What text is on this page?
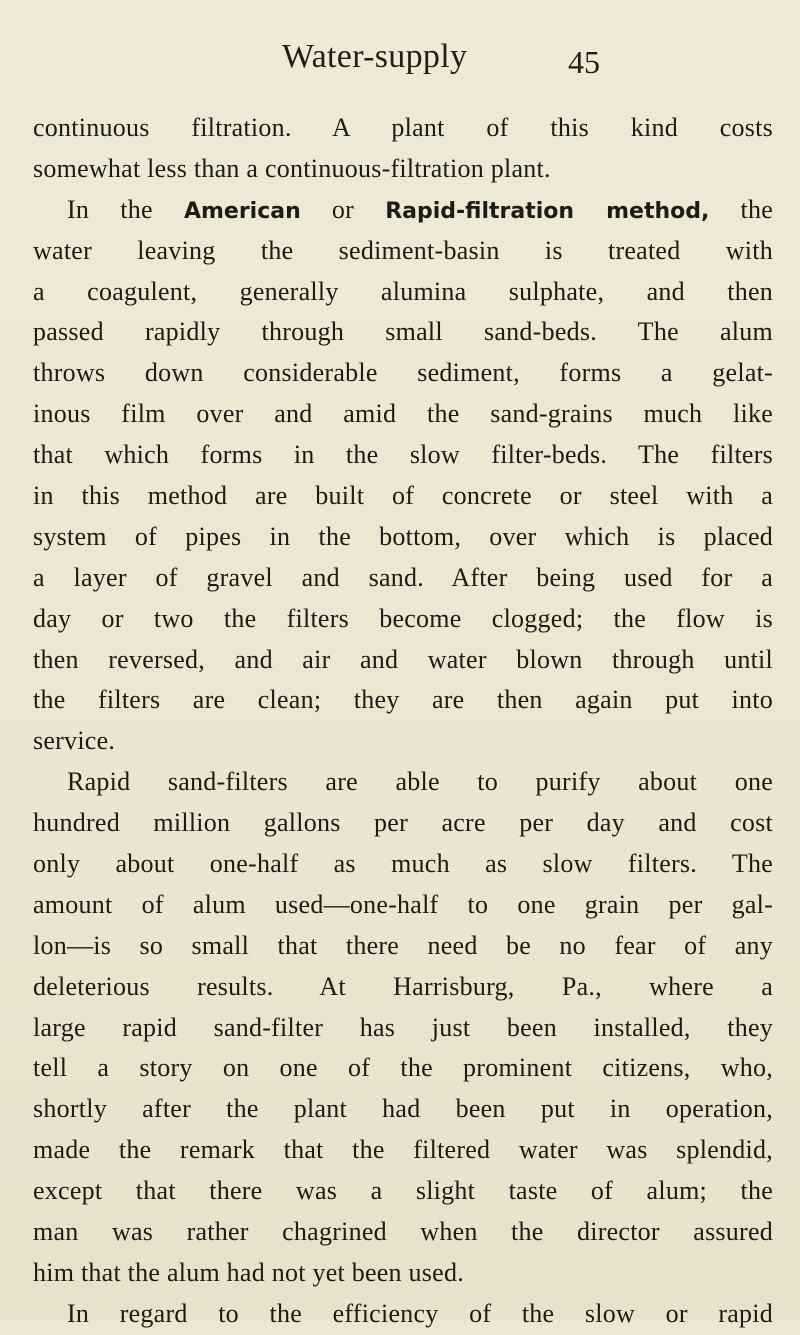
Water-supply	45
continuous filtration. A plant of this kind costs
somewhat less than a continuous-filtration plant.
In the American or Rapid-filtration method, the
water leaving the sediment-basin is treated with
a coagulent, generally alumina sulphate, and then
passed rapidly through small sand-beds. The alum
throws down considerable sediment, forms a gelat-
inous film over and amid the sand-grains much like
that which forms in the slow filter-beds. The filters
in this method are built of concrete or steel with a
system of pipes in the bottom, over which is placed
a layer of gravel and sand. After being used for a
day or two the filters become clogged; the flow is
then reversed, and air and water blown through until
the filters are clean; they are then again put into
service.
Rapid sand-filters are able to purify about one
hundred million gallons per acre per day and cost
only about one-half as much as slow filters. The
amount of alum used—one-half to one grain per gal-
lon—is so small that there need be no fear of any
deleterious results. At Harrisburg, Pa., where a
large rapid sand-filter has just been installed, they
tell a story on one of the prominent citizens, who,
shortly after the plant had been put in operation,
made the remark that the filtered water was splendid,
except that there was a slight taste of alum; the
man was rather chagrined when the director assured
him that the alum had not yet been used.
In regard to the efficiency of the slow or rapid
